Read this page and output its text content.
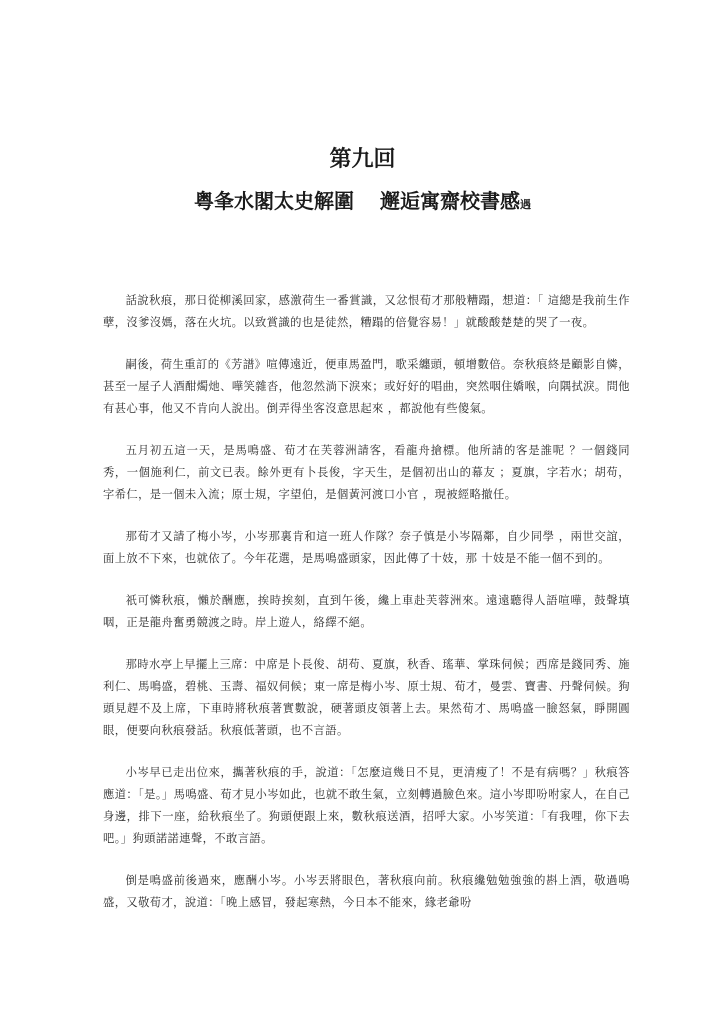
第九回
粤夆水閣太史解圍 邂逅寓齋校書感遇

話說秋痕，那日從柳溪回家，感激荷生一番賞識，又忿恨荀才那般糟蹋，想道：「 這總是我前生作孽，沒爹沒媽，落在火坑。以致賞識的也是徒然，糟蹋的倍覺容易！」就酸酸楚楚的哭了一夜。

嗣後，荷生重訂的《芳譜》喧傳遠近，便車馬盈門，歌采纏頭，頓增數倍。奈秋痕終是顧影自憐，甚至一屋子人酒酣燭灺、嘩笑雜沓，他忽然淌下淚來；或好好的唱曲，突然咽住嬌喉，向隅拭淚。問他有甚心事，他又不肯向人說出。倒弄得坐客沒意思起來 ，都說他有些傻氣。

五月初五這一天，是馬鳴盛、荀才在芙蓉洲請客，看龍舟搶標。他所請的客是誰呢 ？一個錢同秀，一個施利仁，前文已表。餘外更有卜長俊，字天生，是個初出山的幕友 ；夏旗，字若水；胡苟，字希仁，是一個未入流；原士規，字望伯，是個黃河渡口小官 ，現被經略撤任。

那荀才又請了梅小岑，小岑那裏肯和這一班人作隊？奈子慎是小岑隔鄰，自少同學 ，兩世交誼，面上放不下來，也就依了。今年花選，是馬鳴盛頭家，因此傳了十妓，那 十妓是不能一個不到的。

祇可憐秋痕，懶於酬應，挨時挨刻，直到午後，纔上車赴芙蓉洲來。遠遠聽得人語喧嘩，鼓聲填咽，正是龍舟奮勇競渡之時。岸上遊人，絡繹不絕。

那時水亭上早擺上三席：中席是卜長俊、胡苟、夏旗，秋香、瑤華、掌珠伺候；西席是錢同秀、施利仁、馬鳴盛，碧桃、玉壽、福奴伺候；東一席是梅小岑、原士規、荀才，曼雲、寶書、丹聲伺候。狗頭見趕不及上席，下車時將秋痕著實數說，硬著頭皮領著上去。果然荀才、馬鳴盛一臉怒氣，睜開圓眼，便要向秋痕發話。秋痕低著頭，也不言語。

小岑早已走出位來，攜著秋痕的手，說道：「怎麼這幾日不見，更清瘦了！不是有病嗎？」秋痕答應道：「是。」馬鳴盛、荀才見小岑如此，也就不敢生氣，立刻轉過臉色來。這小岑即吩咐家人，在自己身邊，排下一座，給秋痕坐了。狗頭便跟上來，數秋痕送酒，招呼大家。小岑笑道：「有我哩，你下去吧。」狗頭諾諾連聲，不敢言語。

倒是鳴盛前後過來，應酬小岑。小岑丟將眼色，著秋痕向前。秋痕纔勉勉強強的斟上酒，敬過鳴盛，又敬荀才，說道：「晚上感冒，發起寒熱，今日本不能來，緣老爺吩
